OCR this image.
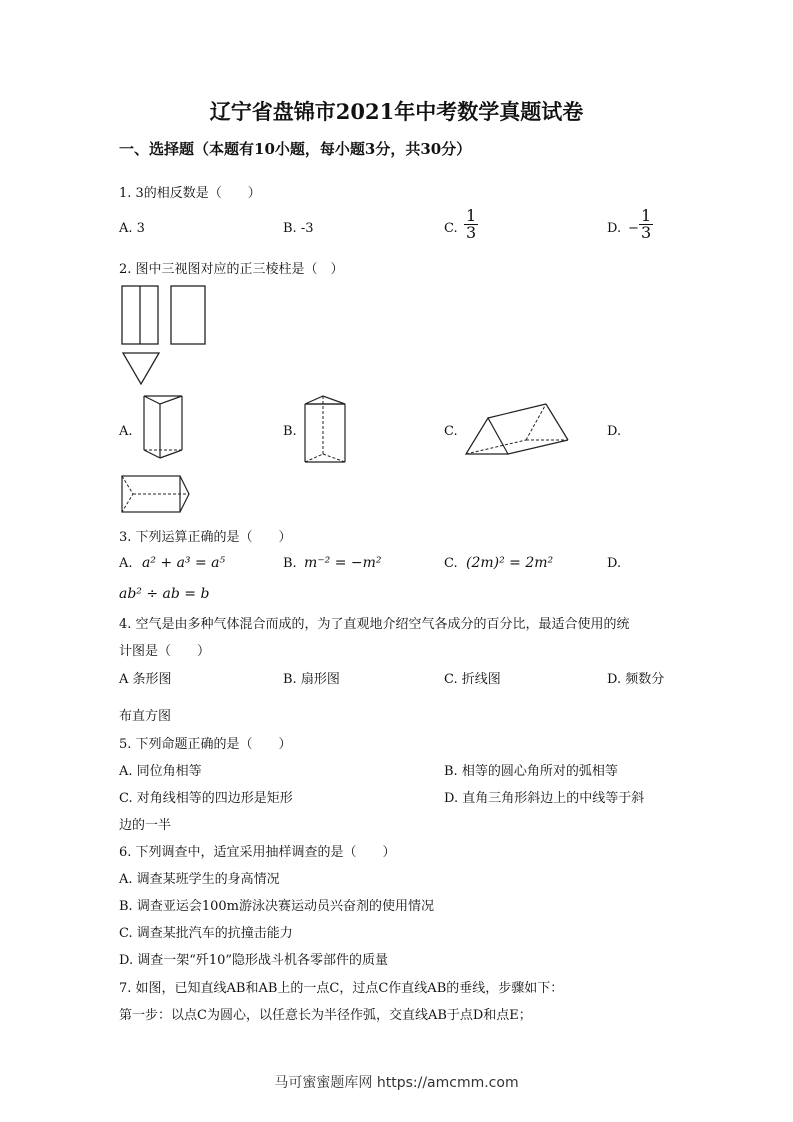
辽宁省盘锦市2021年中考数学真题试卷
一、选择题（本题有10小题，每小题3分，共30分）
1. 3的相反数是（　　）
A. 3	B. -3	C. $\frac{1}{3}$	D. − $\frac{1}{3}$
2. 图中三视图对应的正三棱柱是（　）
A.	B.	C.	D.
3. 下列运算正确的是（　　）
A. a² + a³ = a⁵	B. m⁻² = −m²	C. (2m)² = 2m²	D.
ab² ÷ ab = b
4. 空气是由多种气体混合而成的，为了直观地介绍空气各成分的百分比，最适合使用的统
计图是（　　）
A 条形图	B. 扇形图	C. 折线图	D. 频数分
布直方图
5. 下列命题正确的是（　　）
A. 同位角相等	B. 相等的圆心角所对的弧相等
C. 对角线相等的四边形是矩形	D. 直角三角形斜边上的中线等于斜
边的一半
6. 下列调查中，适宜采用抽样调查的是（　　）
A. 调查某班学生的身高情况
B. 调查亚运会100m游泳决赛运动员兴奋剂的使用情况
C. 调查某批汽车的抗撞击能力
D. 调查一架“歼10”隐形战斗机各零部件的质量
7. 如图，已知直线AB和AB上的一点C，过点C作直线AB的垂线，步骤如下：
第一步：以点C为圆心，以任意长为半径作弧，交直线AB于点D和点E；
马可蜜蜜题库网 https://amcmm.com
